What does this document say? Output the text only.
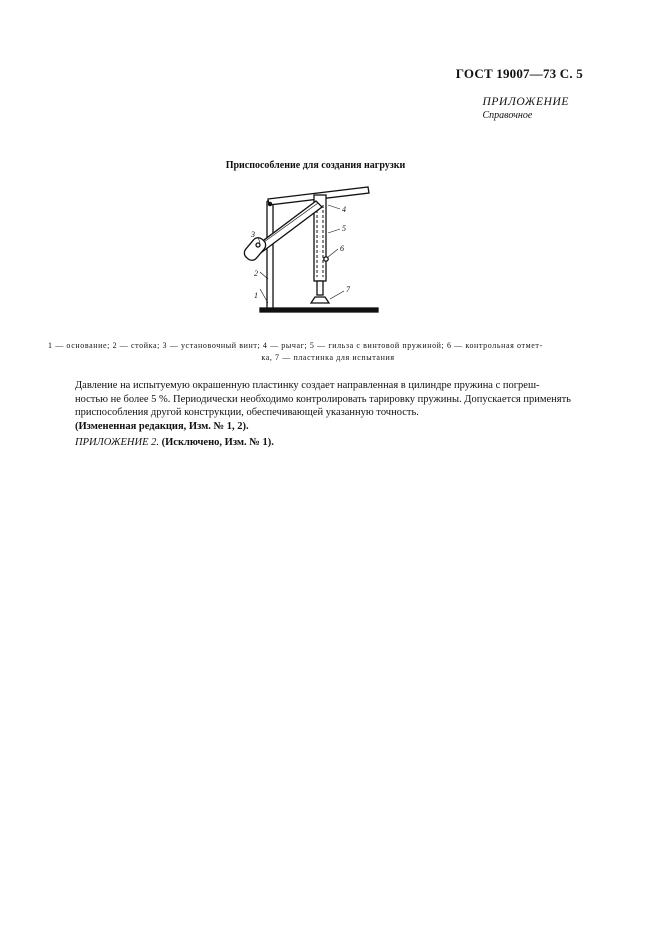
ГОСТ 19007—73 С. 5
ПРИЛОЖЕНИЕ
Справочное
Приспособление для создания нагрузки
1
2
3
4
5
6
7
1 — основание; 2 — стойка; 3 — установочный винт; 4 — рычаг; 5 — гильза с винтовой пружиной; 6 — контрольная отмет-
ка, 7 — пластинка для испытания
Давление на испытуемую окрашенную пластинку создает направленная в цилиндре пружина с погреш-
ностью не более 5 %. Периодически необходимо контролировать тарировку пружины. Допускается применять
приспособления другой конструкции, обеспечивающей указанную точность.
(Измененная редакция, Изм. № 1, 2).
ПРИЛОЖЕНИЕ 2. (Исключено, Изм. № 1).
